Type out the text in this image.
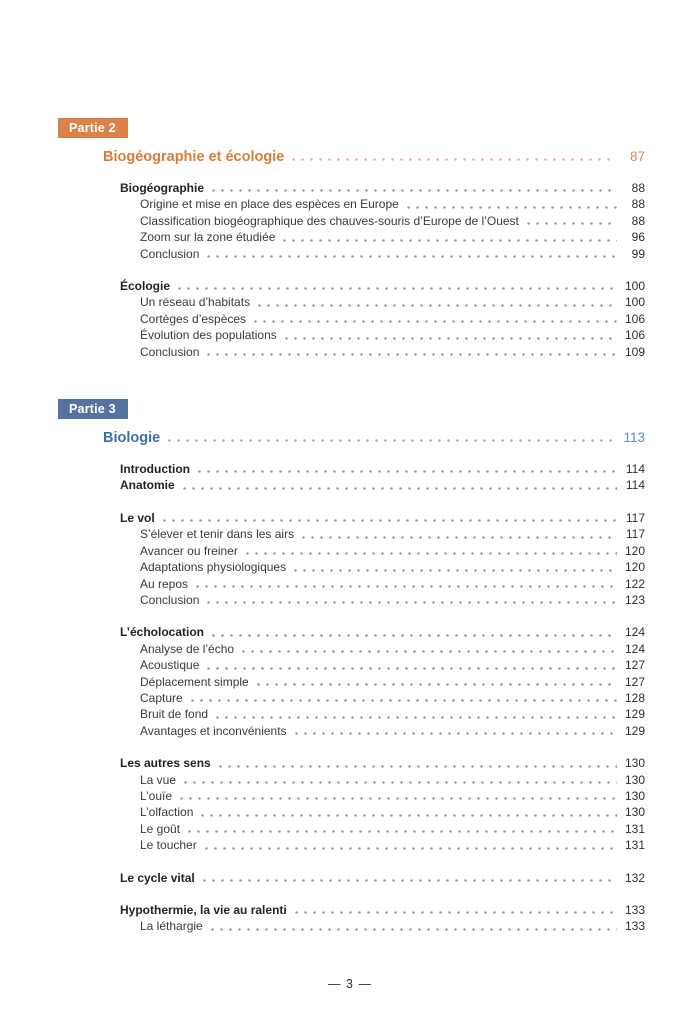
Partie 2
Biogéographie et écologie	87
Biogéographie	88
Origine et mise en place des espèces en Europe	88
Classification biogéographique des chauves-souris d’Europe de l’Ouest	88
Zoom sur la zone étudiée	96
Conclusion	99
Écologie	100
Un réseau d’habitats	100
Cortèges d’espèces	106
Évolution des populations	106
Conclusion	109
Partie 3
Biologie	113
Introduction	114
Anatomie	114
Le vol	117
S’élever et tenir dans les airs	117
Avancer ou freiner	120
Adaptations physiologiques	120
Au repos	122
Conclusion	123
L’écholocation	124
Analyse de l’écho	124
Acoustique	127
Déplacement simple	127
Capture	128
Bruit de fond	129
Avantages et inconvénients	129
Les autres sens	130
La vue	130
L’ouïe	130
L’olfaction	130
Le goût	131
Le toucher	131
Le cycle vital	132
Hypothermie, la vie au ralenti	133
La léthargie	133
— 3 —
